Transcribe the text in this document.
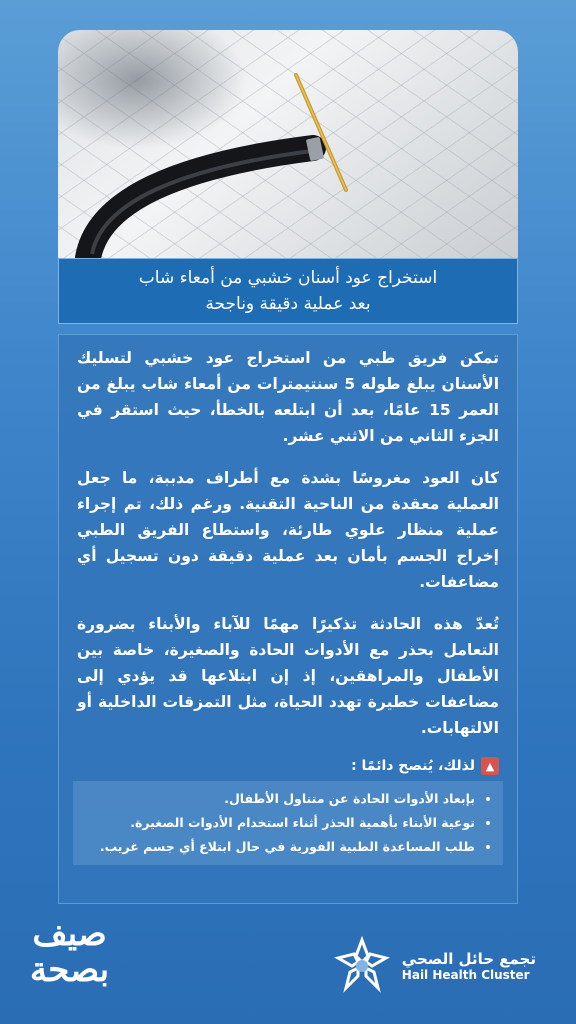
استخراج عود أسنان خشبي من أمعاء شاب
بعد عملية دقيقة وناجحة

تمكن فريق طبي من استخراج عود خشبي لتسليك الأسنان يبلغ طوله 5 سنتيمترات من أمعاء شاب يبلغ من العمر 15 عامًا، بعد أن ابتلعه بالخطأ، حيث استقر في الجزء الثاني من الاثني عشر.

كان العود مغروسًا بشدة مع أطراف مدببة، ما جعل العملية معقدة من الناحية التقنية. ورغم ذلك، تم إجراء عملية منظار علوي طارئة، واستطاع الفريق الطبي إخراج الجسم بأمان بعد عملية دقيقة دون تسجيل أي مضاعفات.

تُعدّ هذه الحادثة تذكيرًا مهمًا للآباء والأبناء بضرورة التعامل بحذر مع الأدوات الحادة والصغيرة، خاصة بين الأطفال والمراهقين، إذ إن ابتلاعها قد يؤدي إلى مضاعفات خطيرة تهدد الحياة، مثل التمزقات الداخلية أو الالتهابات.

▲
لذلك، يُنصح دائمًا :
• بإبعاد الأدوات الحادة عن متناول الأطفال.
• توعية الأبناء بأهمية الحذر أثناء استخدام الأدوات الصغيرة.
• طلب المساعدة الطبية الفورية في حال ابتلاع أي جسم غريب.
تجمع حائل الصحي
Hail Health Cluster
صيف
بصحة
